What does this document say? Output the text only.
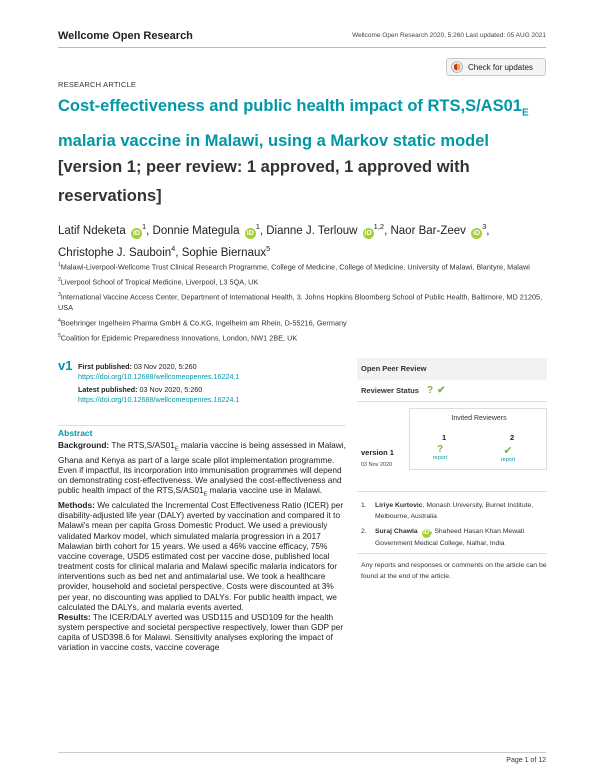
Wellcome Open Research	Wellcome Open Research 2020, 5:260 Last updated: 05 AUG 2021
RESEARCH ARTICLE
Check for updates
Cost-effectiveness and public health impact of $RTS,S/AS01_E$
malaria vaccine in Malawi, using a Markov static model
[version 1; peer review: 1 approved, 1 approved with
reservations]
Latif Ndeketa $iD^1$, Donnie Mategula $iD^1$, Dianne J. Terlouw iD$^{1,2}$, Naor Bar-Zeev $iD^3$, Christophe J. Sauboin$^4$, Sophie Biernaux$^5$
$^1$Malawi-Liverpool-Wellcome Trust Clinical Research Programme, College of Medicine, College of Medicine, University of Malawi, Blantyre, Malawi
$^2$Liverpool School of Tropical Medicine, Liverpool, L3 5QA, UK
$^3$International Vaccine Access Center, Department of International Health, 3. Johns Hopkins Bloomberg School of Public Health, Baltimore, MD 21205, USA
$^4$Boehringer Ingelheim Pharma GmbH & Co.KG, Ingelheim am Rhein, D-55216, Germany
$^5$Coalition for Epidemic Preparedness Innovations, London, NW1 2BE, UK
v1 First published: 03 Nov 2020, 5:260
https://doi.org/10.12688/wellcomeopenres.16224.1
Latest published: 03 Nov 2020, 5:260
https://doi.org/10.12688/wellcomeopenres.16224.1
Abstract

Background: The $RTS,S/AS01_E$ malaria vaccine is being assessed in Malawi, Ghana and Kenya as part of a large scale pilot implementation programme. Even if impactful, its incorporation into immunisation programmes will depend on demonstrating cost-effectiveness. We analysed the cost-effectiveness and public health impact of the $RTS,S/AS01_E$ malaria vaccine use in Malawi.

Methods: We calculated the Incremental Cost Effectiveness Ratio (ICER) per disability-adjusted life year (DALY) averted by vaccination and compared it to Malawi's mean per capita Gross Domestic Product. We used a previously validated Markov model, which simulated malaria progression in a 2017 Malawian birth cohort for 15 years. We used a 46% vaccine efficacy, 75% vaccine coverage, USD5 estimated cost per vaccine dose, published local treatment costs for clinical malaria and Malawi specific malaria indicators for interventions such as bed net and antimalarial use. We took a healthcare provider, household and societal perspective. Costs were discounted at 3% per year, no discounting was applied to DALYs. For public health impact, we calculated the DALYs, and malaria events averted.

Results: The ICER/DALY averted was USD115 and USD109 for the health system perspective and societal perspective respectively, lower than GDP per capita of USD398.6 for Malawi. Sensitivity analyses exploring the impact of variation in vaccine costs, vaccine coverage

Open Peer Review
Reviewer Status ? ✔
Invited Reviewers
1	2
version 1
03 Nov 2020
?
report
✔
report
1.	Liriye Kurtovic, Monash University, Burnet Institute, Melbourne, Australia
2.	Suraj Chawla iD , Shaheed Hasan Khan Mewati Government Medical College, Nalhar, India
Any reports and responses or comments on the article can be found at the end of the article.
Page 1 of 12
